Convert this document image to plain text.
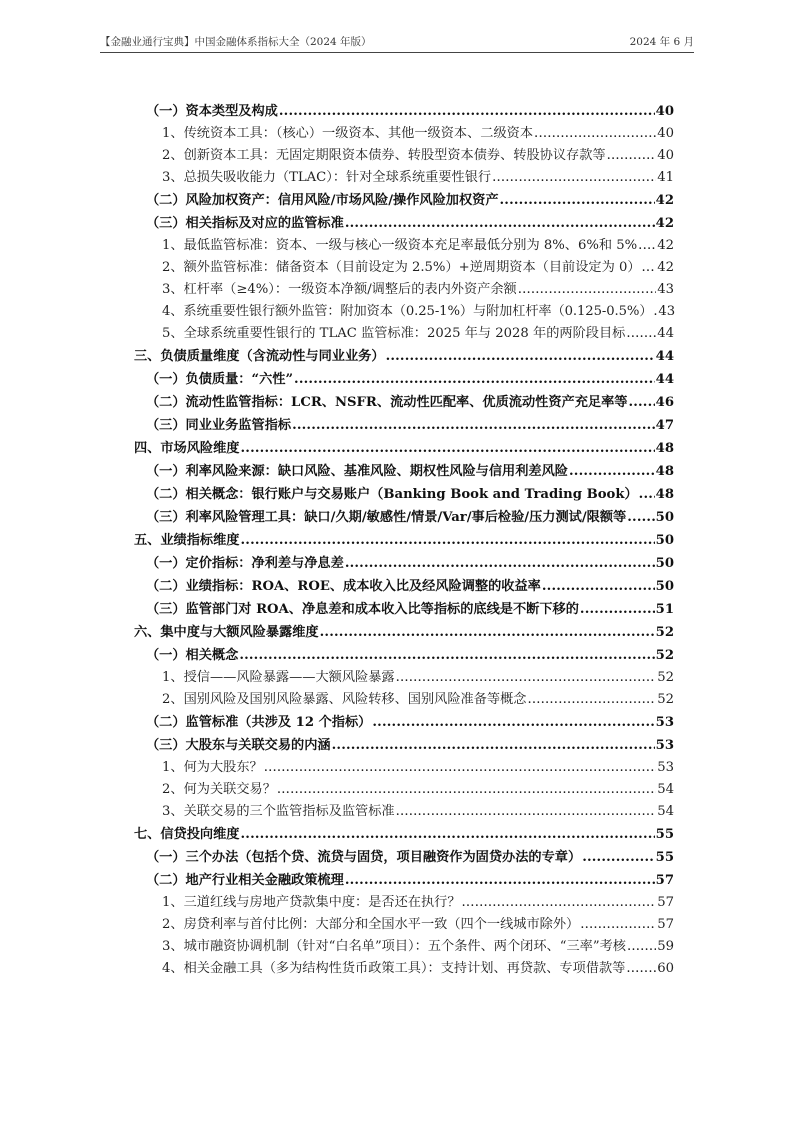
【金融业通行宝典】中国金融体系指标大全（2024 年版）	2024 年 6 月
（一）资本类型及构成 .....	40
1、传统资本工具：（核心）一级资本、其他一级资本、二级资本 .....	40
2、创新资本工具：无固定期限资本债券、转股型资本债券、转股协议存款等 .....	40
3、总损失吸收能力（TLAC）：针对全球系统重要性银行 .....	41
（二）风险加权资产：信用风险/市场风险/操作风险加权资产 .....	42
（三）相关指标及对应的监管标准 .....	42
1、最低监管标准：资本、一级与核心一级资本充足率最低分别为 8%、6%和 5% ..... 42
2、额外监管标准：储备资本（目前设定为 2.5%）+逆周期资本（目前设定为 0） ..... 42
3、杠杆率（≥4%）：一级资本净额/调整后的表内外资产余额 .....	43
4、系统重要性银行额外监管：附加资本（0.25-1%）与附加杠杆率（0.125-0.5%） ..... 43
5、全球系统重要性银行的 TLAC 监管标准：2025 年与 2028 年的两阶段目标 ..... 44
三、负债质量维度（含流动性与同业业务） .....	44
（一）负债质量：“六性” .....	44
（二）流动性监管指标：LCR、NSFR、流动性匹配率、优质流动性资产充足率等 ..... 46
（三）同业业务监管指标 .....	47
四、市场风险维度 .....	48
（一）利率风险来源：缺口风险、基准风险、期权性风险与信用利差风险 .....	48
（二）相关概念：银行账户与交易账户（Banking Book and Trading Book） ..... 48
（三）利率风险管理工具：缺口/久期/敏感性/情景/Var/事后检验/压力测试/限额等 ..... 50
五、业绩指标维度 .....	50
（一）定价指标：净利差与净息差 .....	50
（二）业绩指标：ROA、ROE、成本收入比及经风险调整的收益率 .....	50
（三）监管部门对 ROA、净息差和成本收入比等指标的底线是不断下移的 .....	51
六、集中度与大额风险暴露维度 .....	52
（一）相关概念 .....	52
1、授信——风险暴露——大额风险暴露 .....	52
2、国别风险及国别风险暴露、风险转移、国别风险准备等概念 .....	52
（二）监管标准（共涉及 12 个指标） .....	53
（三）大股东与关联交易的内涵 .....	53
1、何为大股东？ .....	53
2、何为关联交易？ .....	54
3、关联交易的三个监管指标及监管标准 .....	54
七、信贷投向维度 .....	55
（一）三个办法（包括个贷、流贷与固贷，项目融资作为固贷办法的专章） .....	55
（二）地产行业相关金融政策梳理 .....	57
1、三道红线与房地产贷款集中度：是否还在执行？ .....	57
2、房贷利率与首付比例：大部分和全国水平一致（四个一线城市除外） .....	57
3、城市融资协调机制（针对“白名单”项目）：五个条件、两个闭环、“三率”考核 ..... 59
4、相关金融工具（多为结构性货币政策工具）：支持计划、再贷款、专项借款等 ..... 60
